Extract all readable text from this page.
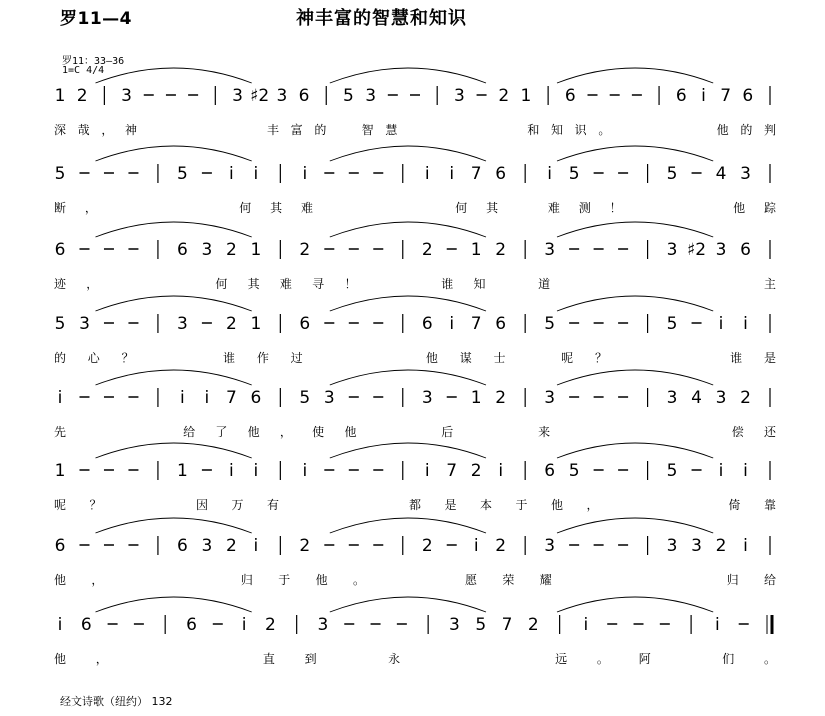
罗11—4	神丰富的智慧和知识
罗11：33—36
1=C 4/4
1 2 3	3 ♯2 3 6 5 3	3 2 1 6	6 i 7 6
深 哉 ， 神	丰 富 的	智 慧	和 知 识 。	他 的 判
5	5 i i	i	i i 7 6 i 5	5 4 3
断 ，	何 其 难	何 其	难 测 ！	他 踪
6	6 3 2 1 2	2 1 2 3	3 ♯2 3 6
迹 ，	何 其 难 寻 ！	谁 知	道	主
5 3	3 2 1 6	6 i 7 6 5	5 i i
的 心 ？	谁 作 过	他 谋 士	呢 ？	谁 是
i	i i 7 6 5 3	3 1 2 3	3 4 3 2
先	给 了 他 ， 使 他	后	来	偿 还
1	1 i i	i	i 7 2 i 6 5	5 i i
呢 ？	因 万 有	都 是 本 于 他 ，	倚 靠
6	6 3 2 i 2	2 i 2 3	3 3 2 i
他 ，	归 于 他 。	愿 荣 耀	归 给
i 6	6	i 2 3	3 5 7 2	i	i
他 ，	直 到	永	远 。 阿	们 。
经文诗歌（纽约） 132
